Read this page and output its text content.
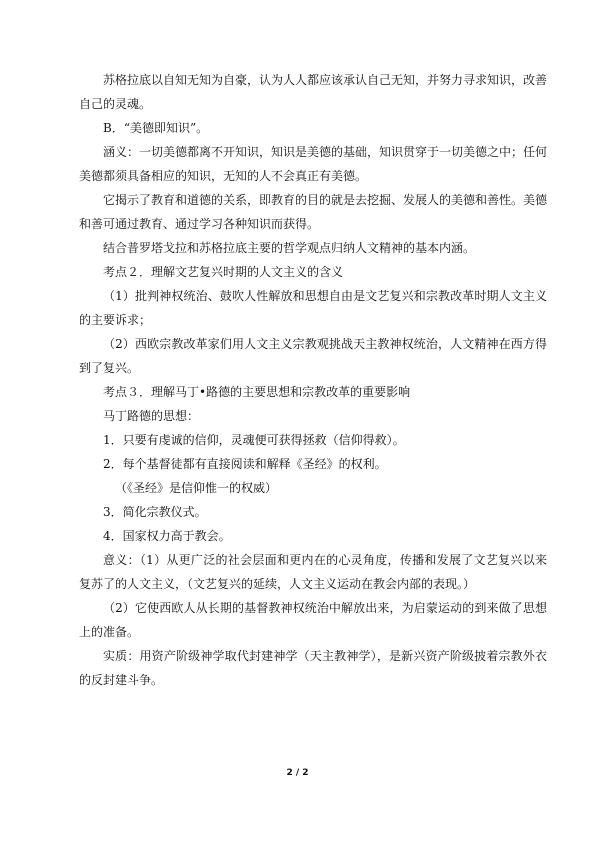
苏格拉底以自知无知为自豪，认为人人都应该承认自己无知，并努力寻求知识，改善自己的灵魂。

B．“美德即知识”。

涵义：一切美德都离不开知识，知识是美德的基础，知识贯穿于一切美德之中；任何美德都须具备相应的知识，无知的人不会真正有美德。

它揭示了教育和道德的关系，即教育的目的就是去挖掘、发展人的美德和善性。美德和善可通过教育、通过学习各种知识而获得。

结合普罗塔戈拉和苏格拉底主要的哲学观点归纳人文精神的基本内涵。

考点２．理解文艺复兴时期的人文主义的含义

（1）批判神权统治、鼓吹人性解放和思想自由是文艺复兴和宗教改革时期人文主义的主要诉求；

（2）西欧宗教改革家们用人文主义宗教观挑战天主教神权统治，人文精神在西方得到了复兴。

考点３．理解马丁•路德的主要思想和宗教改革的重要影响

马丁路德的思想：

1．只要有虔诚的信仰，灵魂便可获得拯救（信仰得救）。

2．每个基督徒都有直接阅读和解释《圣经》的权利。

（《圣经》是信仰惟一的权威）

3．简化宗教仪式。

4．国家权力高于教会。

意义：（1）从更广泛的社会层面和更内在的心灵角度，传播和发展了文艺复兴以来复苏了的人文主义，（文艺复兴的延续，人文主义运动在教会内部的表现。）

（2）它使西欧人从长期的基督教神权统治中解放出来，为启蒙运动的到来做了思想上的准备。

实质：用资产阶级神学取代封建神学（天主教神学），是新兴资产阶级披着宗教外衣的反封建斗争。

2 / 2
